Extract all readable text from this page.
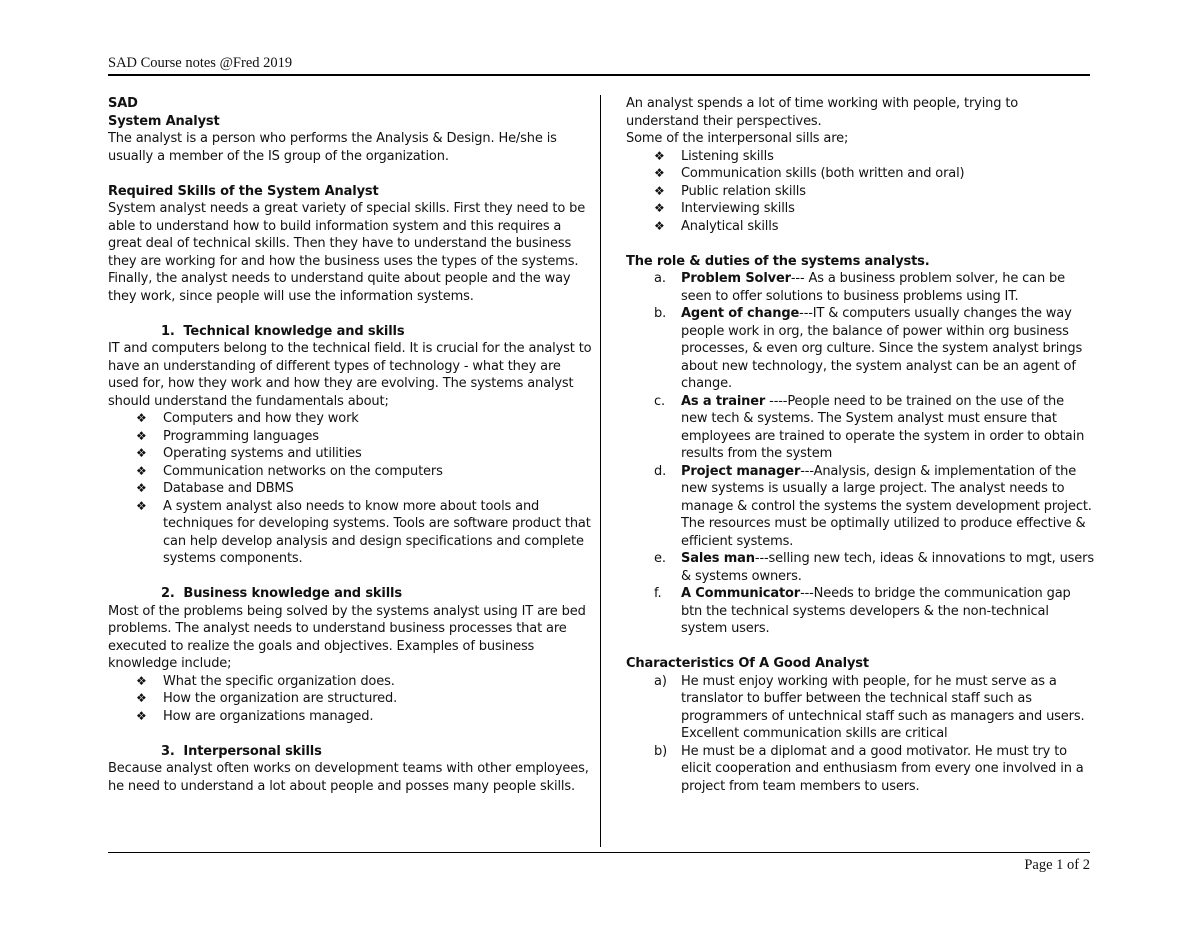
SAD Course notes @Fred 2019

SAD

System Analyst

The analyst is a person who performs the Analysis & Design. He/she is usually a member of the IS group of the organization.

Required Skills of the System Analyst

System analyst needs a great variety of special skills. First they need to be able to understand how to build information system and this requires a great deal of technical skills. Then they have to understand the business they are working for and how the business uses the types of the systems.

Finally, the analyst needs to understand quite about people and the way they work, since people will use the information systems.

1.  Technical knowledge and skills

IT and computers belong to the technical field. It is crucial for the analyst to have an understanding of different types of technology - what they are used for, how they work and how they are evolving. The systems analyst should understand the fundamentals about;

❖ Computers and how they work
❖ Programming languages
❖ Operating systems and utilities
❖ Communication networks on the computers
❖ Database and DBMS
❖ A system analyst also needs to know more about tools and techniques for developing systems. Tools are software product that can help develop analysis and design specifications and complete systems components.

2.  Business knowledge and skills

Most of the problems being solved by the systems analyst using IT are bed problems. The analyst needs to understand business processes that are executed to realize the goals and objectives. Examples of business knowledge include;

❖ What the specific organization does.
❖ How the organization are structured.
❖ How are organizations managed.

3.  Interpersonal skills

Because analyst often works on development teams with other employees, he need to understand a lot about people and posses many people skills.

An analyst spends a lot of time working with people, trying to understand their perspectives.

Some of the interpersonal sills are;

❖ Listening skills
❖ Communication skills (both written and oral)
❖ Public relation skills
❖ Interviewing skills
❖ Analytical skills

The role & duties of the systems analysts.

a. Problem Solver--- As a business problem solver, he can be seen to offer solutions to business problems using IT.
b. Agent of change---IT & computers usually changes the way people work in org, the balance of power within org business processes, & even org culture. Since the system analyst brings about new technology, the system analyst can be an agent of change.
c. As a trainer ----People need to be trained on the use of the new tech & systems. The System analyst must ensure that employees are trained to operate the system in order to obtain results from the system
d. Project manager---Analysis, design & implementation of the new systems is usually a large project. The analyst needs to manage & control the systems the system development project. The resources must be optimally utilized to produce effective & efficient systems.
e. Sales man---selling new tech, ideas & innovations to mgt, users & systems owners.
f. A Communicator---Needs to bridge the communication gap btn the technical systems developers & the non-technical system users.

Characteristics Of A Good Analyst

a) He must enjoy working with people, for he must serve as a translator to buffer between the technical staff such as programmers of untechnical staff such as managers and users.
Excellent communication skills are critical
b) He must be a diplomat and a good motivator. He must try to elicit cooperation and enthusiasm from every one involved in a project from team members to users.
Page 1 of 2
